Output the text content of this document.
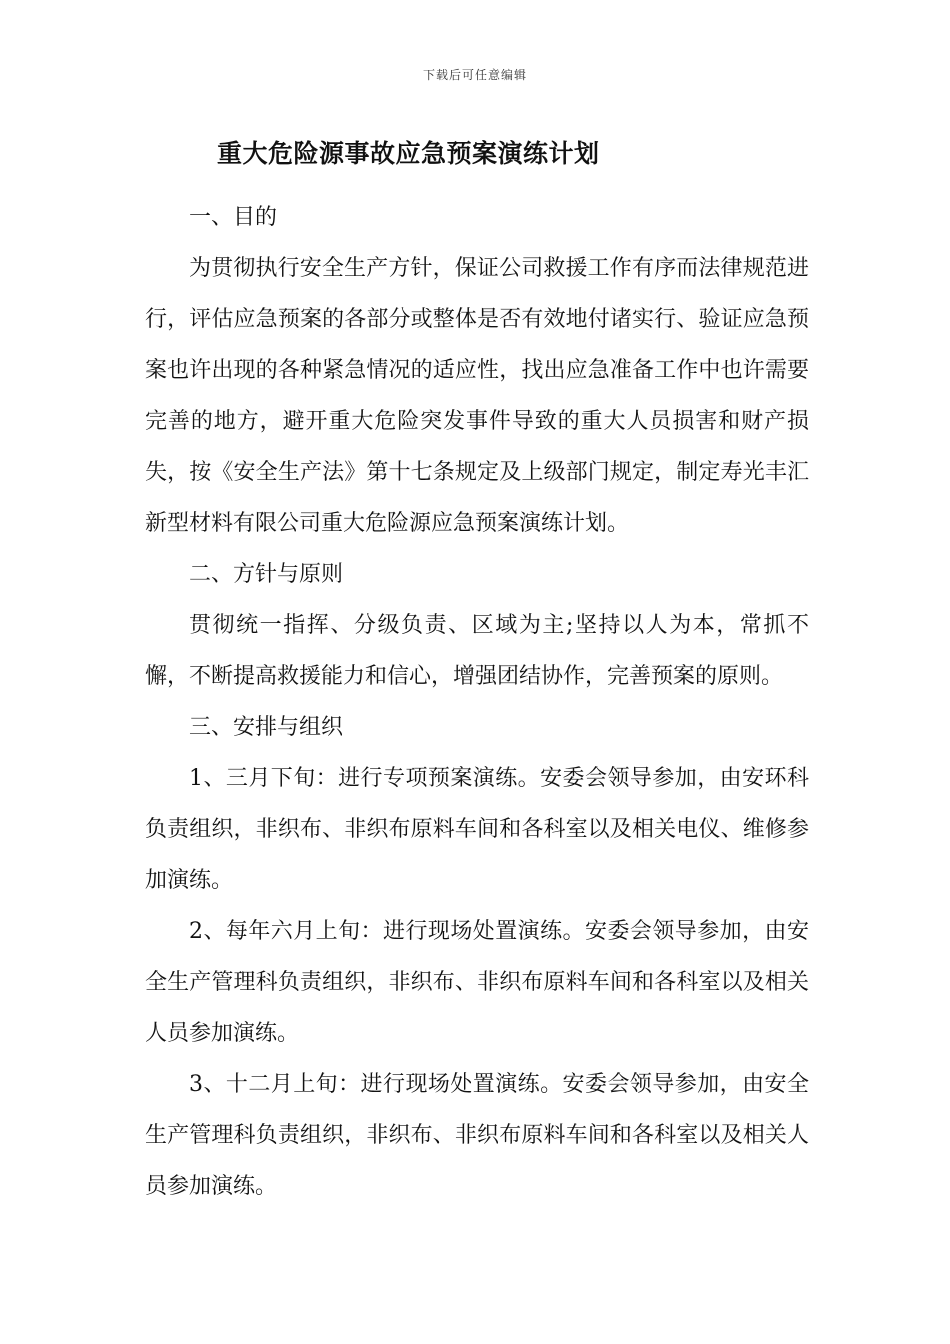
下载后可任意编辑
重大危险源事故应急预案演练计划

一、目的

为贯彻执行安全生产方针，保证公司救援工作有序而法律规范进行，评估应急预案的各部分或整体是否有效地付诸实行、验证应急预案也许出现的各种紧急情况的适应性，找出应急准备工作中也许需要完善的地方，避开重大危险突发事件导致的重大人员损害和财产损失，按《安全生产法》第十七条规定及上级部门规定，制定寿光丰汇新型材料有限公司重大危险源应急预案演练计划。

二、方针与原则

贯彻统一指挥、分级负责、区域为主;坚持以人为本，常抓不懈，不断提高救援能力和信心，增强团结协作，完善预案的原则。

三、安排与组织

1、三月下旬：进行专项预案演练。安委会领导参加，由安环科负责组织，非织布、非织布原料车间和各科室以及相关电仪、维修参加演练。

2、每年六月上旬：进行现场处置演练。安委会领导参加，由安全生产管理科负责组织，非织布、非织布原料车间和各科室以及相关人员参加演练。

3、十二月上旬：进行现场处置演练。安委会领导参加，由安全生产管理科负责组织，非织布、非织布原料车间和各科室以及相关人员参加演练。
